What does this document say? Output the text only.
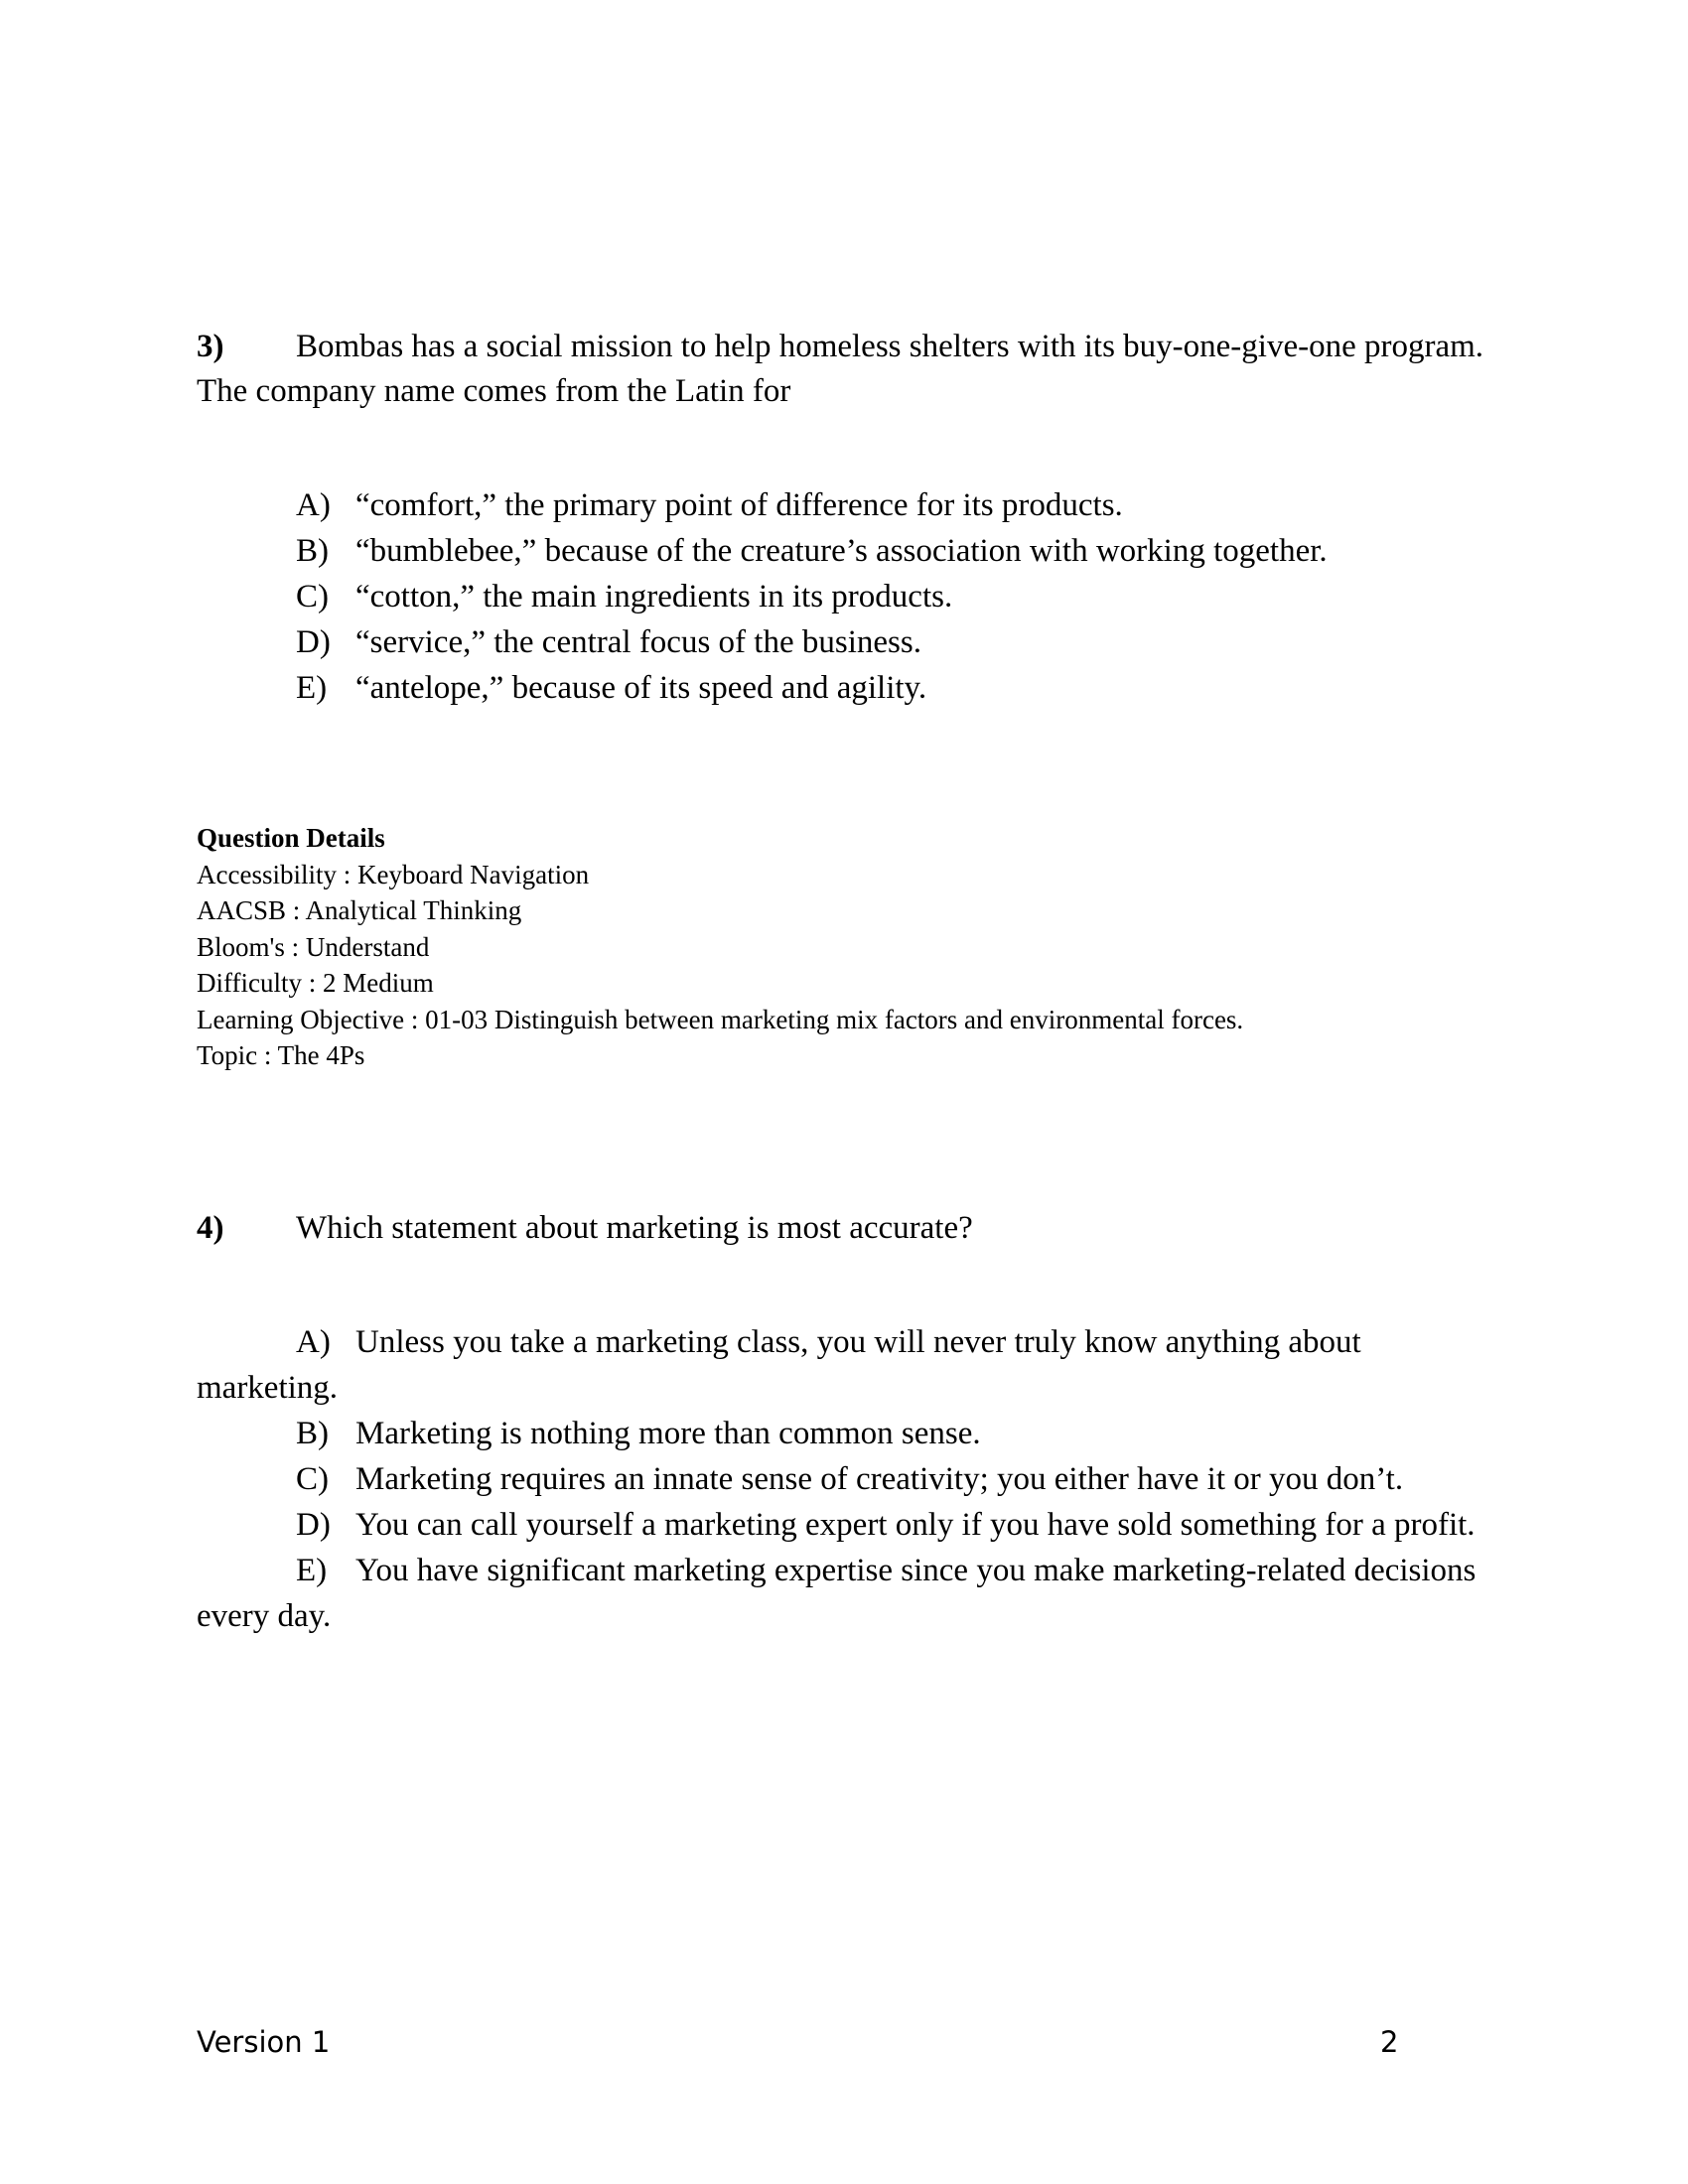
3) Bombas has a social mission to help homeless shelters with its buy-one-give-one program. The company name comes from the Latin for
A) “comfort,” the primary point of difference for its products.
B) “bumblebee,” because of the creature’s association with working together.
C) “cotton,” the main ingredients in its products.
D) “service,” the central focus of the business.
E) “antelope,” because of its speed and agility.
Question Details
Accessibility : Keyboard Navigation
AACSB : Analytical Thinking
Bloom's : Understand
Difficulty : 2 Medium
Learning Objective : 01-03 Distinguish between marketing mix factors and environmental forces.
Topic : The 4Ps
4) Which statement about marketing is most accurate?
A) Unless you take a marketing class, you will never truly know anything about marketing.
B) Marketing is nothing more than common sense.
C) Marketing requires an innate sense of creativity; you either have it or you don’t.
D) You can call yourself a marketing expert only if you have sold something for a profit.
E) You have significant marketing expertise since you make marketing-related decisions every day.
Version 1	2
